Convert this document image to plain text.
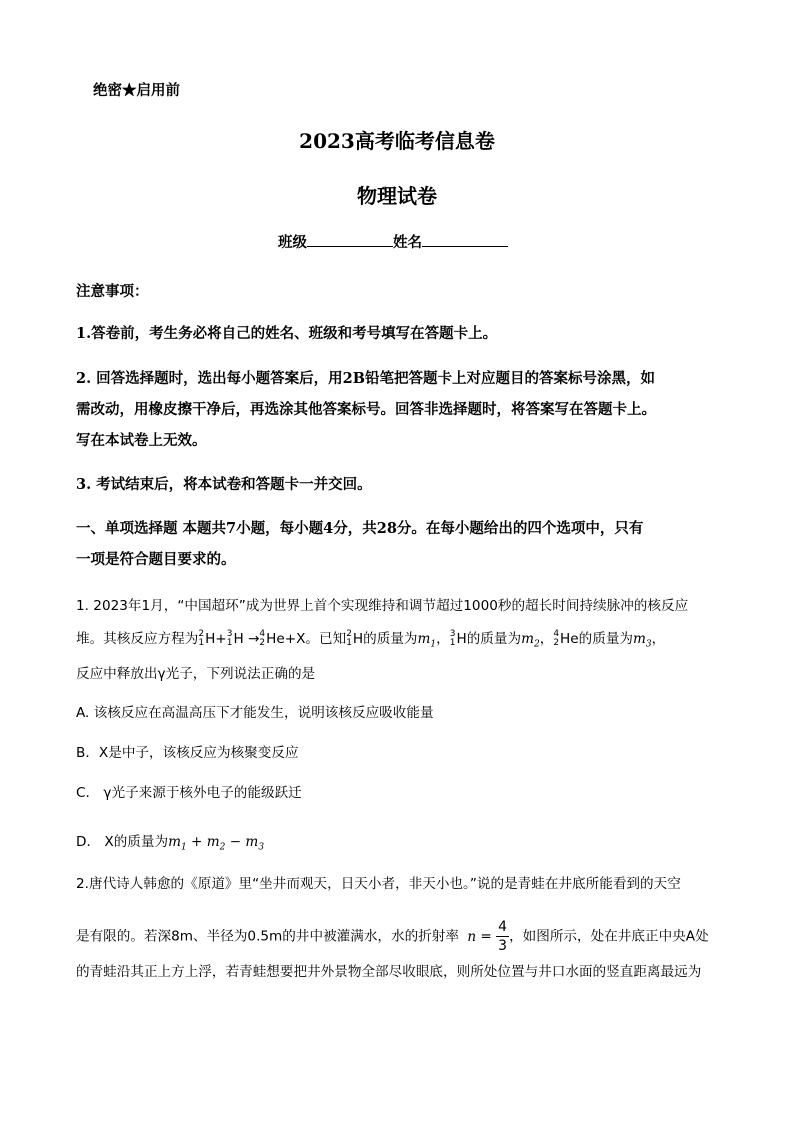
绝密★启用前
2023高考临考信息卷
物理试卷
班级	姓名
注意事项：
1.答卷前，考生务必将自己的姓名、班级和考号填写在答题卡上。
2. 回答选择题时，选出每小题答案后，用2B铅笔把答题卡上对应题目的答案标号涂黑，如
需改动，用橡皮擦干净后，再选涂其他答案标号。回答非选择题时，将答案写在答题卡上。
写在本试卷上无效。
3. 考试结束后，将本试卷和答题卡一并交回。
一、单项选择题 本题共7小题，每小题4分，共28分。在每小题给出的四个选项中，只有
一项是符合题目要求的。
1. 2023年1月，“中国超环”成为世界上首个实现维持和调节超过1000秒的超长时间持续脉冲的核反应
堆。其核反应方程为 2
1 H+ 3
1 H → 4
2 He+X。已知 2
1 H的质量为$m_1$， 3
1 H的质量为$m_2$， 4
2 He的质量为$m_3$，
反应中释放出γ光子，下列说法正确的是
A. 该核反应在高温高压下才能发生，说明该核反应吸收能量
B．X是中子，该核反应为核聚变反应
C． γ光子来源于核外电子的能级跃迁
D． X的质量为$m_1 + m_2 - m_3$
2.唐代诗人韩愈的《原道》里“坐井而观天，日天小者，非天小也。”说的是青蛙在井底所能看到的天空
是有限的。若深8m、半径为0.5m的井中被灌满水，水的折射率 $n = \frac{4}{3}$ ，如图所示，处在井底正中央A处
的青蛙沿其正上方上浮，若青蛙想要把井外景物全部尽收眼底，则所处位置与井口水面的竖直距离最远为
